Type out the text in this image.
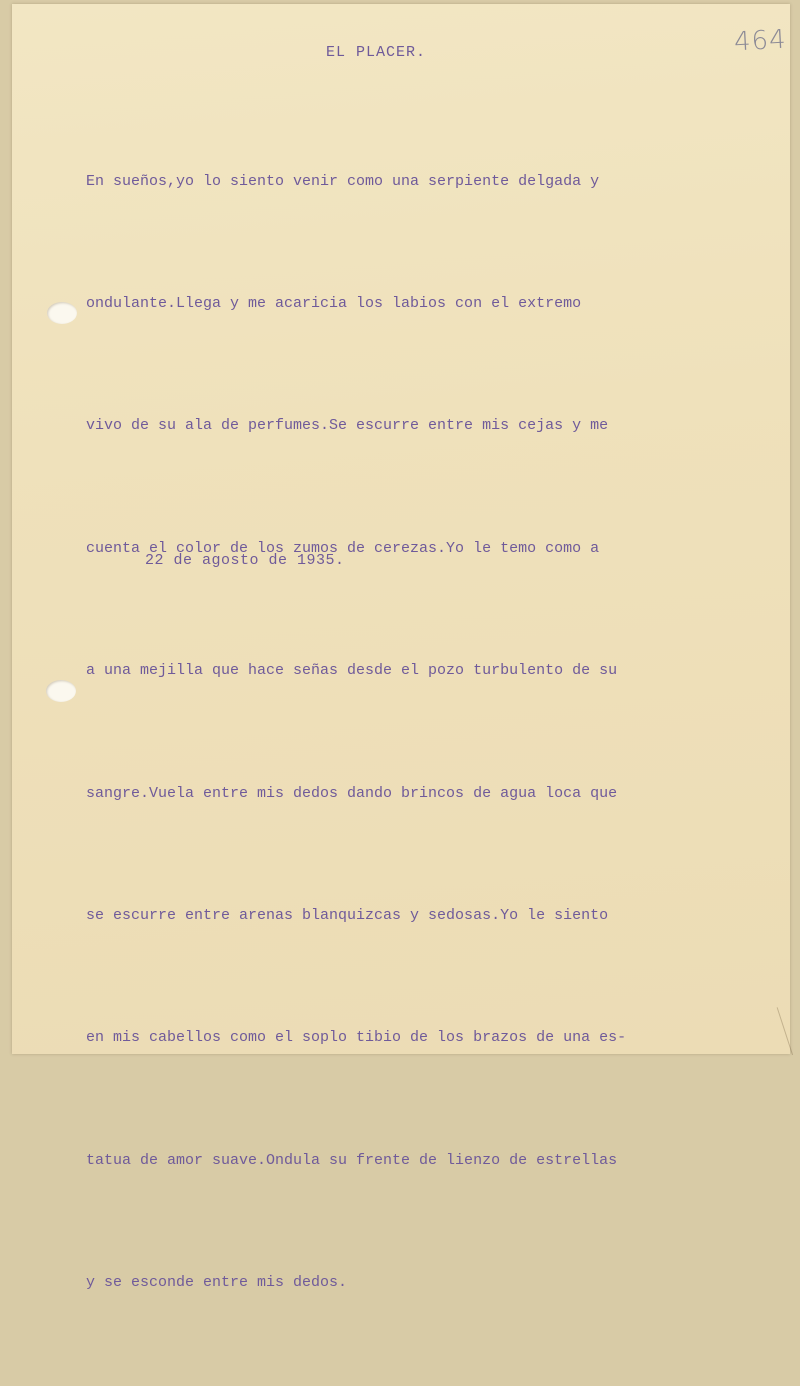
464
EL PLACER.

En sueños,yo lo siento venir como una serpiente delgada y

ondulante.Llega y me acaricia los labios con el extremo

vivo de su ala de perfumes.Se escurre entre mis cejas y me

cuenta el color de los zumos de cerezas.Yo le temo como a

a una mejilla que hace señas desde el pozo turbulento de su

sangre.Vuela entre mis dedos dando brincos de agua loca que

se escurre entre arenas blanquizcas y sedosas.Yo le siento

en mis cabellos como el soplo tibio de los brazos de una es-

tatua de amor suave.Ondula su frente de lienzo de estrellas

y se esconde entre mis dedos.

22 de agosto de 1935.
